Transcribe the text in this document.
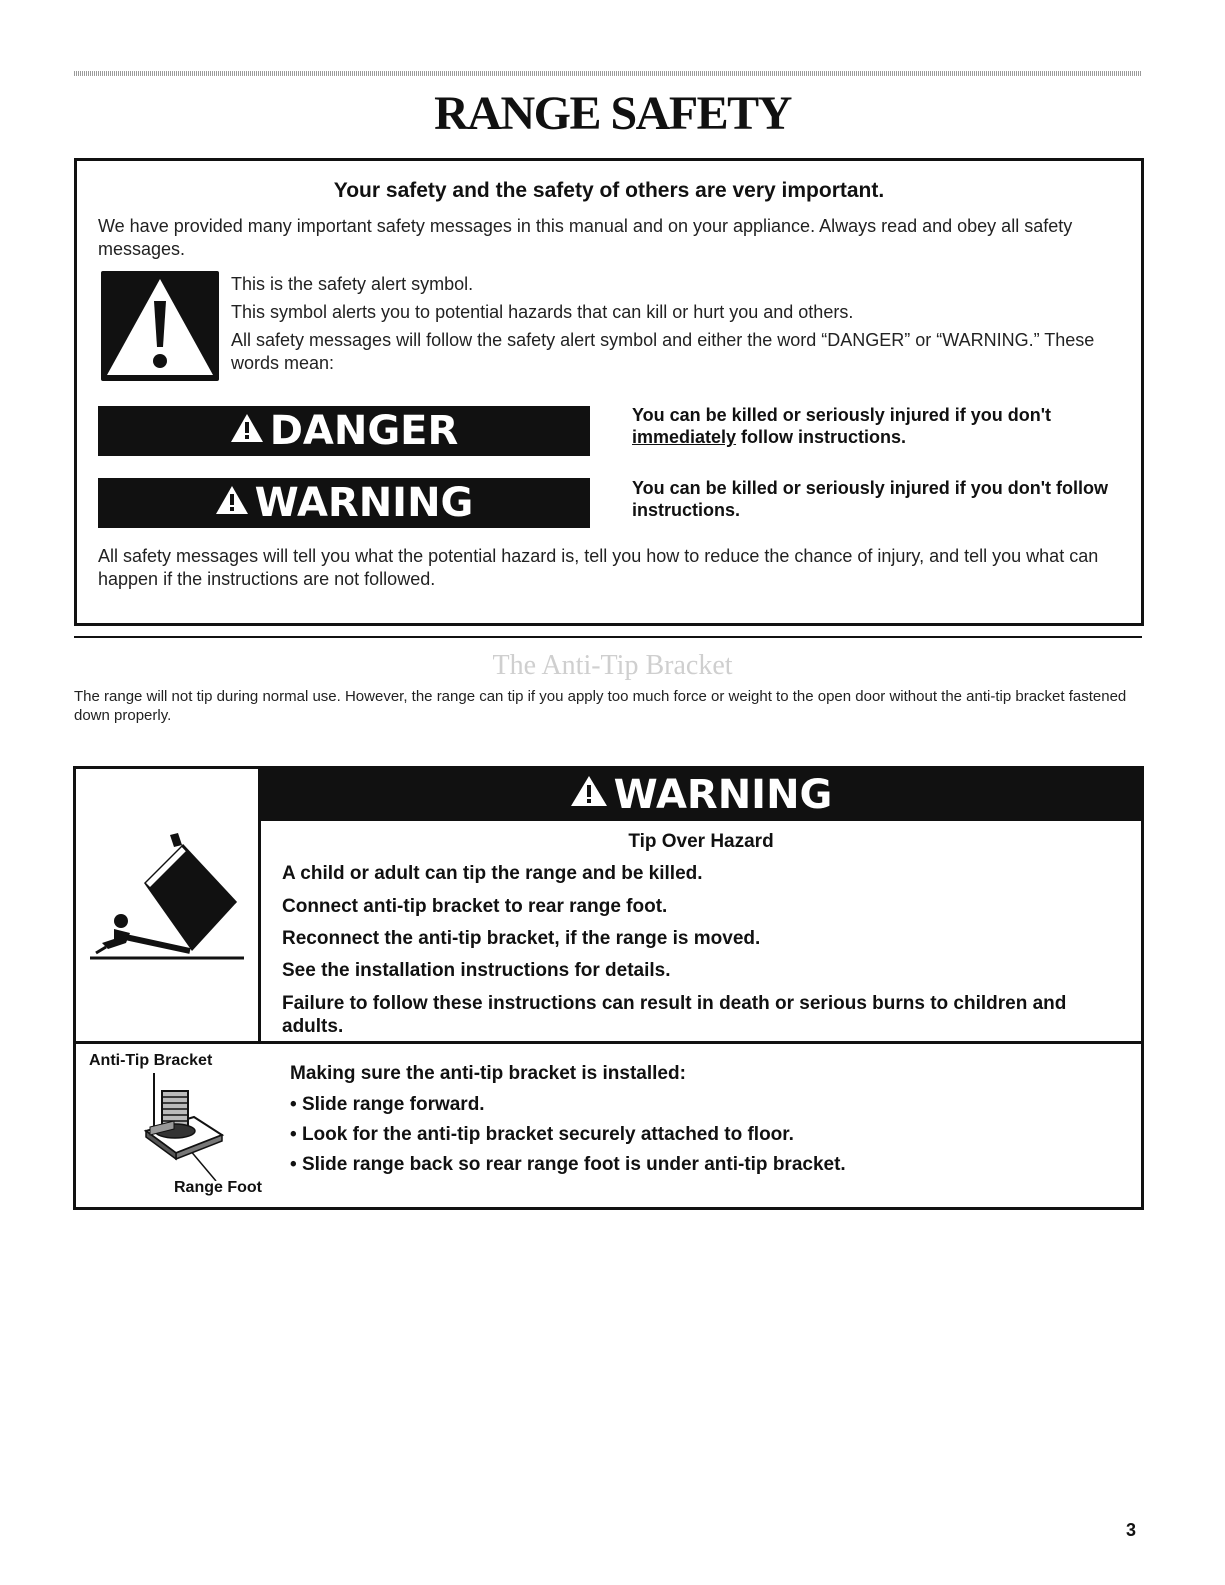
RANGE SAFETY
Your safety and the safety of others are very important.
We have provided many important safety messages in this manual and on your appliance. Always read and obey all safety messages.
This is the safety alert symbol.
This symbol alerts you to potential hazards that can kill or hurt you and others.
All safety messages will follow the safety alert symbol and either the word “DANGER” or “WARNING.” These words mean:
DANGER	You can be killed or seriously injured if you don't
immediately follow instructions.
WARNING	You can be killed or seriously injured if you don't follow instructions.
All safety messages will tell you what the potential hazard is, tell you how to reduce the chance of injury, and tell you what can happen if the instructions are not followed.
The Anti-Tip Bracket
The range will not tip during normal use. However, the range can tip if you apply too much force or weight to the open door without the anti-tip bracket fastened down properly.
WARNING
Tip Over Hazard
A child or adult can tip the range and be killed.
Connect anti-tip bracket to rear range foot.
Reconnect the anti-tip bracket, if the range is moved.
See the installation instructions for details.
Failure to follow these instructions can result in death or serious burns to children and adults.
Anti-Tip Bracket
Range Foot
Making sure the anti-tip bracket is installed:
• Slide range forward.
• Look for the anti-tip bracket securely attached to floor.
• Slide range back so rear range foot is under anti-tip bracket.
3
